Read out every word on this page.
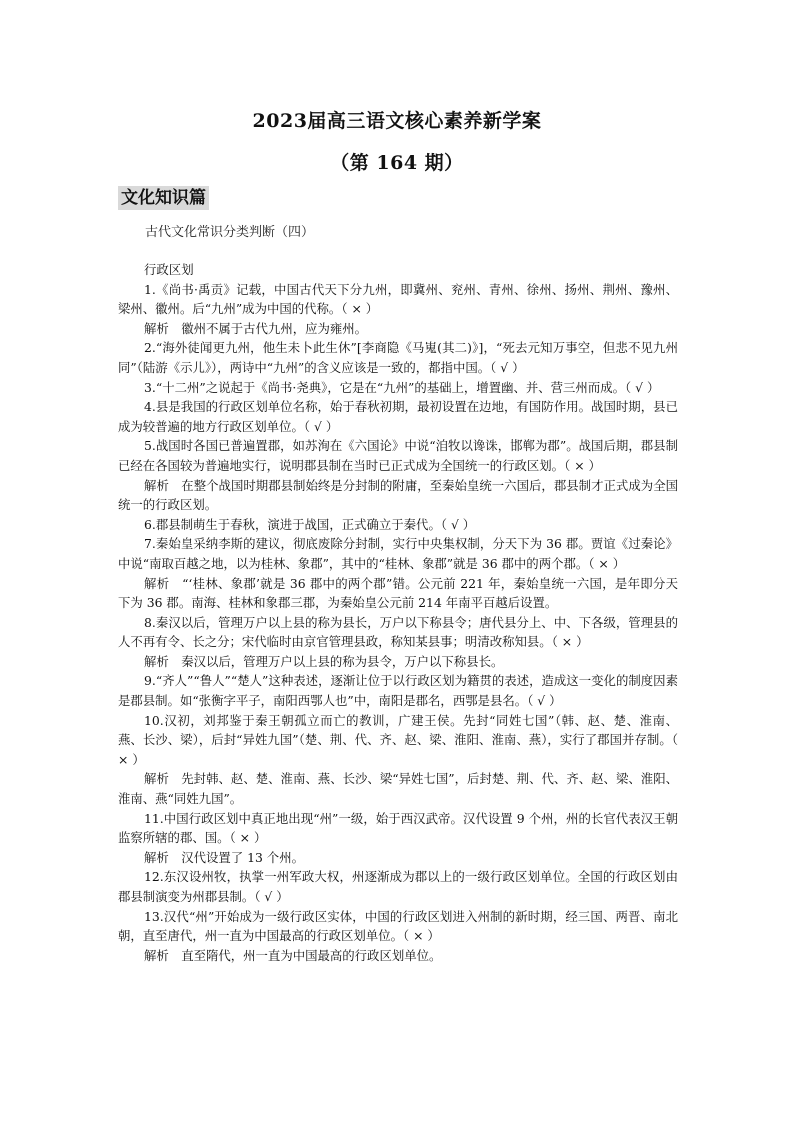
2023届高三语文核心素养新学案
（第 164 期）
文化知识篇
古代文化常识分类判断（四）

行政区划

1.《尚书·禹贡》记载，中国古代天下分九州，即冀州、兖州、青州、徐州、扬州、荆州、豫州、梁州、徽州。后“九州”成为中国的代称。（ × ）

解析　徽州不属于古代九州，应为雍州。

2.“海外徒闻更九州，他生未卜此生休”[李商隐《马嵬(其二)》]，“死去元知万事空，但悲不见九州同”（陆游《示儿》），两诗中“九州”的含义应该是一致的，都指中国。（ √ ）

3.“十二州”之说起于《尚书·尧典》，它是在“九州”的基础上，增置幽、并、营三州而成。（ √ ）

4.县是我国的行政区划单位名称，始于春秋初期，最初设置在边地，有国防作用。战国时期，县已成为较普遍的地方行政区划单位。（ √ ）

5.战国时各国已普遍置郡，如苏洵在《六国论》中说“洎牧以谗诛，邯郸为郡”。战国后期，郡县制已经在各国较为普遍地实行，说明郡县制在当时已正式成为全国统一的行政区划。（ × ）

解析　在整个战国时期郡县制始终是分封制的附庸，至秦始皇统一六国后，郡县制才正式成为全国统一的行政区划。

6.郡县制萌生于春秋，演进于战国，正式确立于秦代。（ √ ）

7.秦始皇采纳李斯的建议，彻底废除分封制，实行中央集权制，分天下为 36 郡。贾谊《过秦论》中说“南取百越之地，以为桂林、象郡”，其中的“桂林、象郡”就是 36 郡中的两个郡。（ × ）

解析　“‘桂林、象郡’就是 36 郡中的两个郡”错。公元前 221 年，秦始皇统一六国，是年即分天下为 36 郡。南海、桂林和象郡三郡，为秦始皇公元前 214 年南平百越后设置。

8.秦汉以后，管理万户以上县的称为县长，万户以下称县令；唐代县分上、中、下各级，管理县的人不再有令、长之分；宋代临时由京官管理县政，称知某县事；明清改称知县。（ × ）

解析　秦汉以后，管理万户以上县的称为县令，万户以下称县长。

9.“齐人”“鲁人”“楚人”这种表述，逐渐让位于以行政区划为籍贯的表述，造成这一变化的制度因素是郡县制。如“张衡字平子，南阳西鄂人也”中，南阳是郡名，西鄂是县名。（ √ ）

10.汉初，刘邦鉴于秦王朝孤立而亡的教训，广建王侯。先封“同姓七国”（韩、赵、楚、淮南、燕、长沙、梁），后封“异姓九国”（楚、荆、代、齐、赵、梁、淮阳、淮南、燕），实行了郡国并存制。（ × ）

解析　先封韩、赵、楚、淮南、燕、长沙、梁“异姓七国”，后封楚、荆、代、齐、赵、梁、淮阳、淮南、燕“同姓九国”。

11.中国行政区划中真正地出现“州”一级，始于西汉武帝。汉代设置 9 个州，州的长官代表汉王朝监察所辖的郡、国。（ × ）

解析　汉代设置了 13 个州。

12.东汉设州牧，执掌一州军政大权，州逐渐成为郡以上的一级行政区划单位。全国的行政区划由郡县制演变为州郡县制。（ √ ）

13.汉代“州”开始成为一级行政区实体，中国的行政区划进入州制的新时期，经三国、两晋、南北朝，直至唐代，州一直为中国最高的行政区划单位。（ × ）

解析　直至隋代，州一直为中国最高的行政区划单位。
